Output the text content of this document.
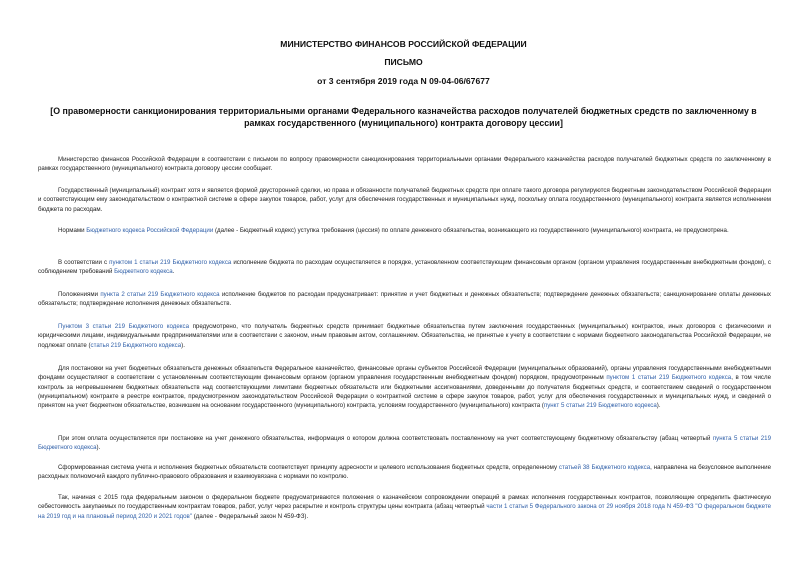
МИНИСТЕРСТВО ФИНАНСОВ РОССИЙСКОЙ ФЕДЕРАЦИИ
ПИСЬМО
от 3 сентября 2019 года N 09-04-06/67677
[О правомерности санкционирования территориальными органами Федерального казначейства расходов получателей бюджетных средств по заключенному в рамках государственного (муниципального) контракта договору цессии]
Министерство финансов Российской Федерации в соответствии с письмом по вопросу правомерности санкционирования территориальными органами Федерального казначейства расходов получателей бюджетных средств по заключенному в рамках государственного (муниципального) контракта договору цессии сообщает.
Государственный (муниципальный) контракт хотя и является формой двусторонней сделки, но права и обязанности получателей бюджетных средств при оплате такого договора регулируются бюджетным законодательством Российской Федерации и соответствующим ему законодательством о контрактной системе в сфере закупок товаров, работ, услуг для обеспечения государственных и муниципальных нужд, поскольку оплата государственного (муниципального) контракта является исполнением бюджета по расходам.
Нормами Бюджетного кодекса Российской Федерации (далее - Бюджетный кодекс) уступка требования (цессия) по оплате денежного обязательства, возникающего из государственного (муниципального) контракта, не предусмотрена.
В соответствии с пунктом 1 статьи 219 Бюджетного кодекса исполнение бюджета по расходам осуществляется в порядке, установленном соответствующим финансовым органом (органом управления государственным внебюджетным фондом), с соблюдением требований Бюджетного кодекса.
Положениями пункта 2 статьи 219 Бюджетного кодекса исполнение бюджетов по расходам предусматривает: принятие и учет бюджетных и денежных обязательств; подтверждение денежных обязательств; санкционирование оплаты денежных обязательств; подтверждение исполнения денежных обязательств.
Пунктом 3 статьи 219 Бюджетного кодекса предусмотрено, что получатель бюджетных средств принимает бюджетные обязательства путем заключения государственных (муниципальных) контрактов, иных договоров с физическими и юридическими лицами, индивидуальными предпринимателями или в соответствии с законом, иным правовым актом, соглашением. Обязательства, не принятые к учету в соответствии с нормами бюджетного законодательства Российской Федерации, не подлежат оплате (статья 219 Бюджетного кодекса).
Для постановки на учет бюджетных обязательств денежных обязательств Федеральное казначейство, финансовые органы субъектов Российской Федерации (муниципальных образований), органы управления государственными внебюджетными фондами осуществляют в соответствии с установленным соответствующим финансовым органом (органом управления государственным внебюджетным фондом) порядком, предусмотренным пунктом 1 статьи 219 Бюджетного кодекса, в том числе контроль за непревышением бюджетных обязательств над соответствующими лимитами бюджетных обязательств или бюджетными ассигнованиями, доведенными до получателя бюджетных средств, и соответствием сведений о государственном (муниципальном) контракте в реестре контрактов, предусмотренном законодательством Российской Федерации о контрактной системе в сфере закупок товаров, работ, услуг для обеспечения государственных и муниципальных нужд, и сведений о принятом на учет бюджетном обязательстве, возникшем на основании государственного (муниципального) контракта, условиям государственного (муниципального) контракта (пункт 5 статьи 219 Бюджетного кодекса).
При этом оплата осуществляется при постановке на учет денежного обязательства, информация о котором должна соответствовать поставленному на учет соответствующему бюджетному обязательству (абзац четвертый пункта 5 статьи 219 Бюджетного кодекса).
Сформированная система учета и исполнения бюджетных обязательств соответствует принципу адресности и целевого использования бюджетных средств, определенному статьей 38 Бюджетного кодекса, направлена на безусловное выполнение расходных полномочий каждого публично-правового образования и взаимоувязана с нормами по контролю.
Так, начиная с 2015 года федеральным законом о федеральном бюджете предусматриваются положения о казначейском сопровождении операций в рамках исполнения государственных контрактов, позволяющие определить фактическую себестоимость закупаемых по государственным контрактам товаров, работ, услуг через раскрытие и контроль структуры цены контракта (абзац четвертый части 1 статьи 5 Федерального закона от 29 ноября 2018 года N 459-ФЗ "О федеральном бюджете на 2019 год и на плановый период 2020 и 2021 годов" (далее - Федеральный закон N 459-ФЗ).
